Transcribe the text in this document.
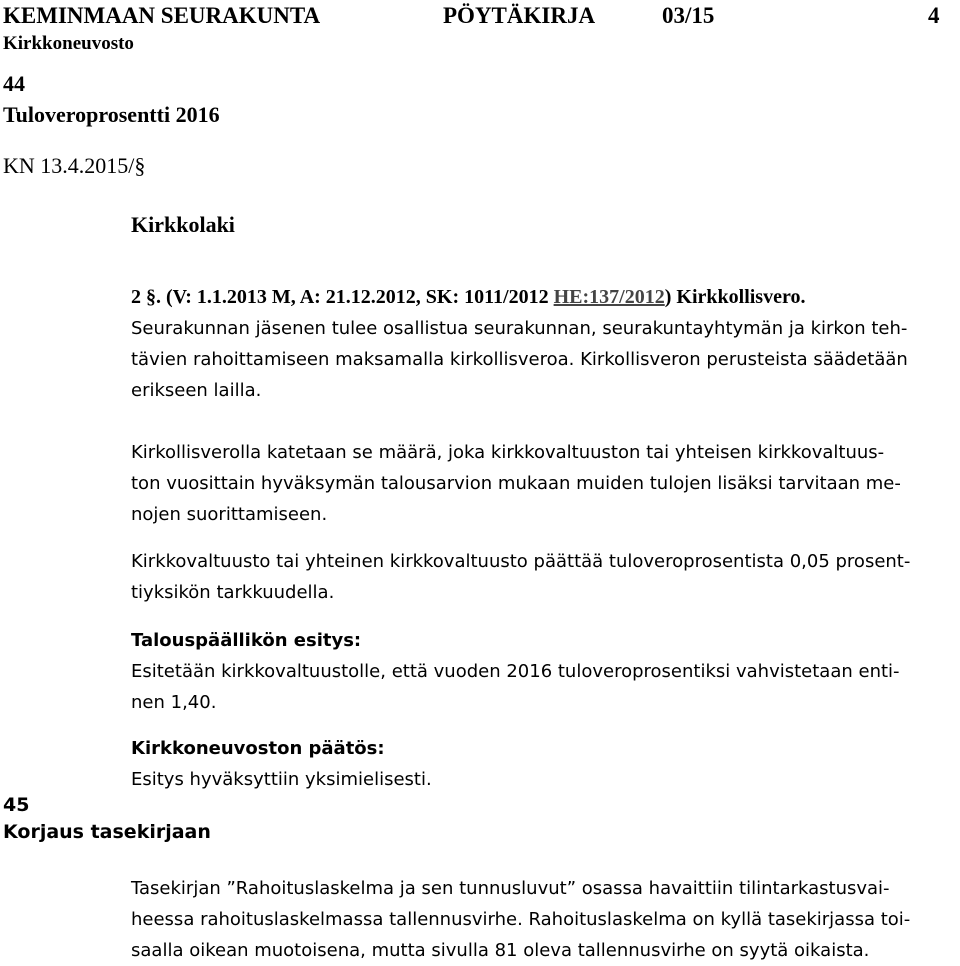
KEMINMAAN SEURAKUNTA	PÖYTÄKIRJA	03/15	4
Kirkkoneuvosto
44
Tuloveroprosentti 2016
KN 13.4.2015/§
Kirkkolaki
2 §. (V: 1.1.2013 M, A: 21.12.2012, SK: 1011/2012 HE:137/2012) Kirkkollisvero.
Seurakunnan jäsenen tulee osallistua seurakunnan, seurakuntayhtymän ja kirkon teh-
tävien rahoittamiseen maksamalla kirkollisveroa. Kirkollisveron perusteista säädetään
erikseen lailla.
Kirkollisverolla katetaan se määrä, joka kirkkovaltuuston tai yhteisen kirkkovaltuus-
ton vuosittain hyväksymän talousarvion mukaan muiden tulojen lisäksi tarvitaan me-
nojen suorittamiseen.
Kirkkovaltuusto tai yhteinen kirkkovaltuusto päättää tuloveroprosentista 0,05 prosent-
tiyksikön tarkkuudella.
Talouspäällikön esitys:
Esitetään kirkkovaltuustolle, että vuoden 2016 tuloveroprosentiksi vahvistetaan enti-
nen 1,40.
Kirkkoneuvoston päätös:
Esitys hyväksyttiin yksimielisesti.
45
Korjaus tasekirjaan
Tasekirjan ”Rahoituslaskelma ja sen tunnusluvut” osassa havaittiin tilintarkastusvai-
heessa rahoituslaskelmassa tallennusvirhe. Rahoituslaskelma on kyllä tasekirjassa toi-
saalla oikean muotoisena, mutta sivulla 81 oleva tallennusvirhe on syytä oikaista.
